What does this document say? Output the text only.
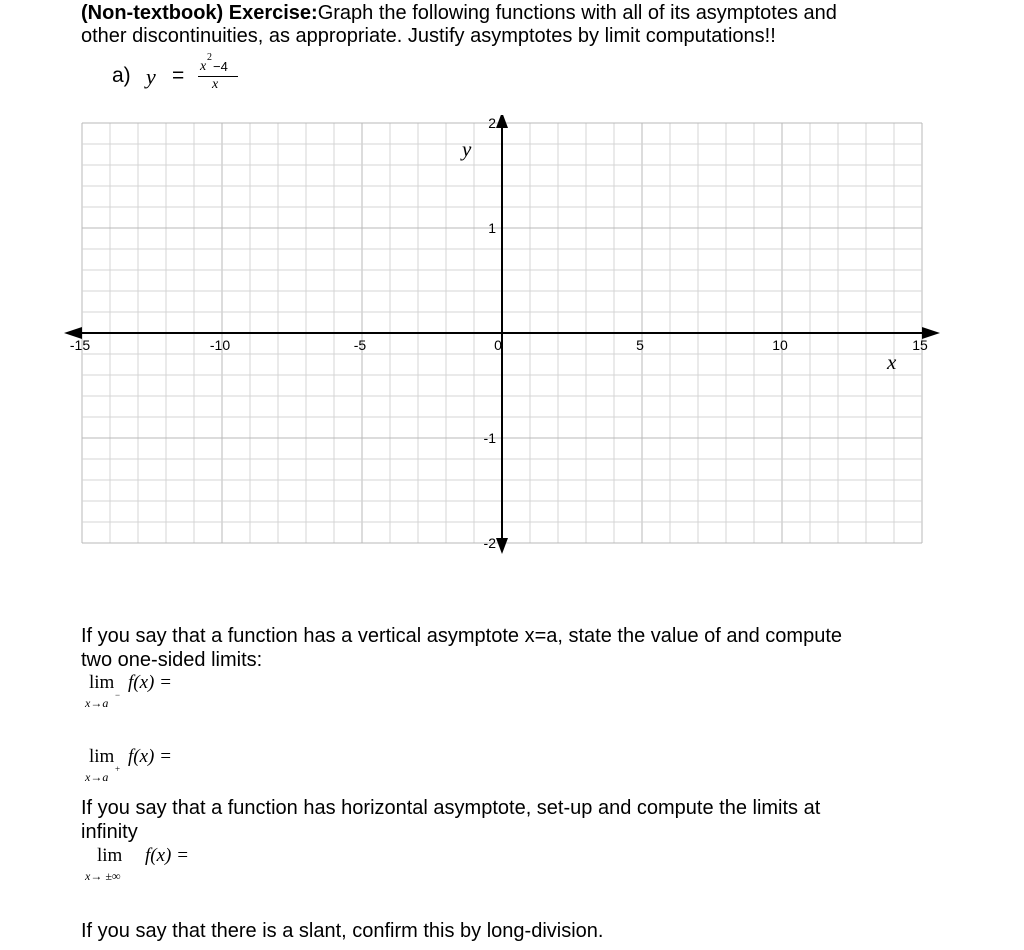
(Non-textbook) Exercise:Graph the following functions with all of its asymptotes and
other discontinuities, as appropriate. Justify asymptotes by limit computations!!
a) y = x
2
−4
x
-15	-10	-5	0	5	10	15
2
1
-1
-2
y
x
If you say that a function has a vertical asymptote x=a, state the value of and compute
two one-sided limits:
lim f(x) =
x→a
−
lim f(x) =
x→a
+
If you say that a function has horizontal asymptote, set-up and compute the limits at
infinity
lim f(x) =
x→ ±∞
If you say that there is a slant, confirm this by long-division.
